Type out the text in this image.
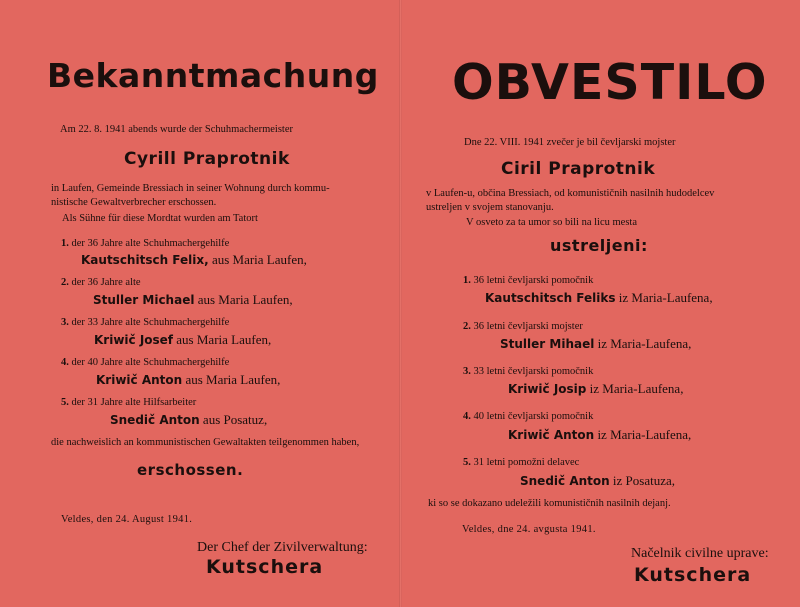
Bekanntmachung
Am 22. 8. 1941 abends wurde der Schuhmachermeister
Cyrill Praprotnik
in Laufen, Gemeinde Bressiach in seiner Wohnung durch kommu-
nistische Gewaltverbrecher erschossen.
Als Sühne für diese Mordtat wurden am Tatort
1. der 36 Jahre alte Schuhmachergehilfe
Kautschitsch Felix, aus Maria Laufen,
2. der 36 Jahre alte
Stuller Michael aus Maria Laufen,
3. der 33 Jahre alte Schuhmachergehilfe
Kriwič Josef aus Maria Laufen,
4. der 40 Jahre alte Schuhmachergehilfe
Kriwič Anton aus Maria Laufen,
5. der 31 Jahre alte Hilfsarbeiter
Snedič Anton aus Posatuz,
die nachweislich an kommunistischen Gewaltakten teilgenommen haben,
erschossen.
Veldes, den 24. August 1941.
Der Chef der Zivilverwaltung:
Kutschera
OBVESTILO
Dne 22. VIII. 1941 zvečer je bil čevljarski mojster
Ciril Praprotnik
v Laufen-u, občina Bressiach, od komunističnih nasilnih hudodelcev
ustreljen v svojem stanovanju.
V osveto za ta umor so bili na licu mesta
ustreljeni:
1. 36 letni čevljarski pomočnik
Kautschitsch Feliks iz Maria-Laufena,
2. 36 letni čevljarski mojster
Stuller Mihael iz Maria-Laufena,
3. 33 letni čevljarski pomočnik
Kriwič Josip iz Maria-Laufena,
4. 40 letni čevljarski pomočnik
Kriwič Anton iz Maria-Laufena,
5. 31 letni pomožni delavec
Snedič Anton iz Posatuza,
ki so se dokazano udeležili komunističnih nasilnih dejanj.
Veldes, dne 24. avgusta 1941.
Načelnik civilne uprave:
Kutschera
